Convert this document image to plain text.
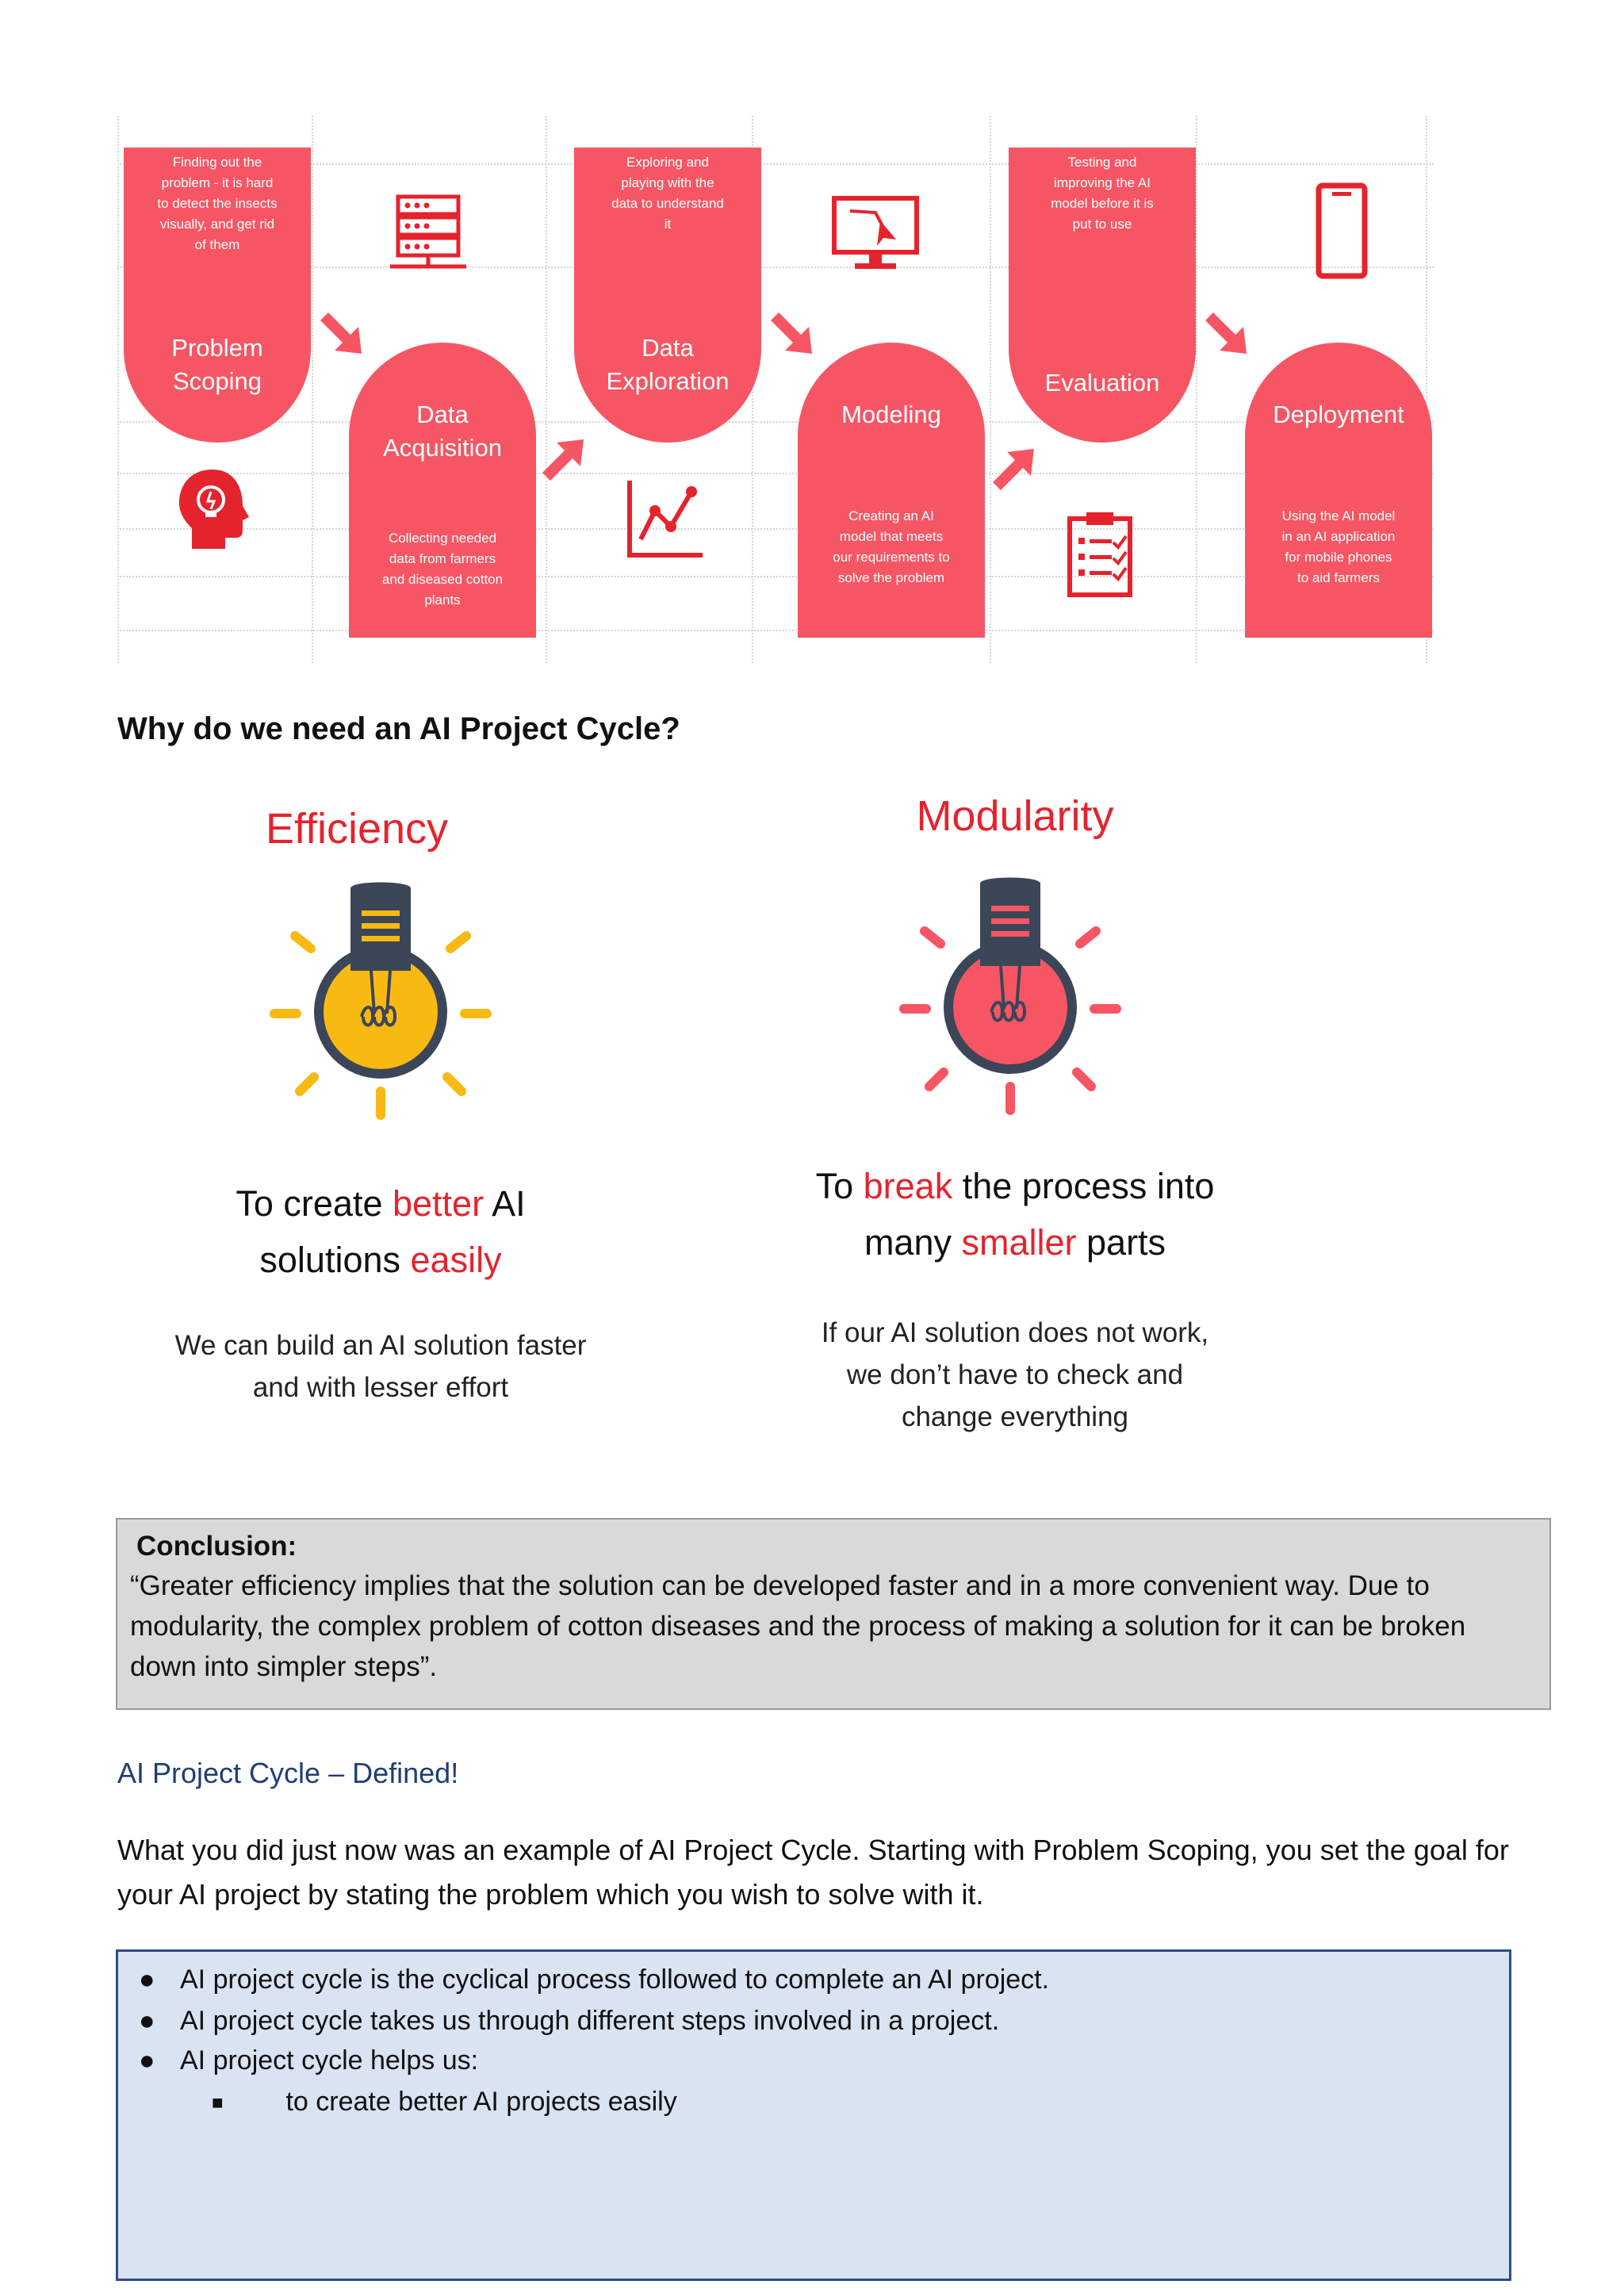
Finding out the
problem - it is hard
to detect the insects
visually, and get rid
of them
Problem
Scoping
Data
Acquisition
Collecting needed
data from farmers
and diseased cotton
plants
Exploring and
playing with the
data to understand
it
Data
Exploration
Modeling
Creating an AI
model that meets
our requirements to
solve the problem
Testing and
improving the AI
model before it is
put to use
Evaluation
Deployment
Using the AI model
in an AI application
for mobile phones
to aid farmers
Why do we need an AI Project Cycle?
Efficiency
To create better AI
solutions easily
We can build an AI solution faster
and with lesser effort
Modularity
To break the process into
many smaller parts
If our AI solution does not work,
we don’t have to check and
change everything
Conclusion:
“Greater efficiency implies that the solution can be developed faster and in a more convenient way. Due to modularity, the complex problem of cotton diseases and the process of making a solution for it can be broken down into simpler steps”.
AI Project Cycle – Defined!
What you did just now was an example of AI Project Cycle. Starting with Problem Scoping, you set the goal for your AI project by stating the problem which you wish to solve with it.
● AI project cycle is the cyclical process followed to complete an AI project.
● AI project cycle takes us through different steps involved in a project.
● AI project cycle helps us:
■ to create better AI projects easily
